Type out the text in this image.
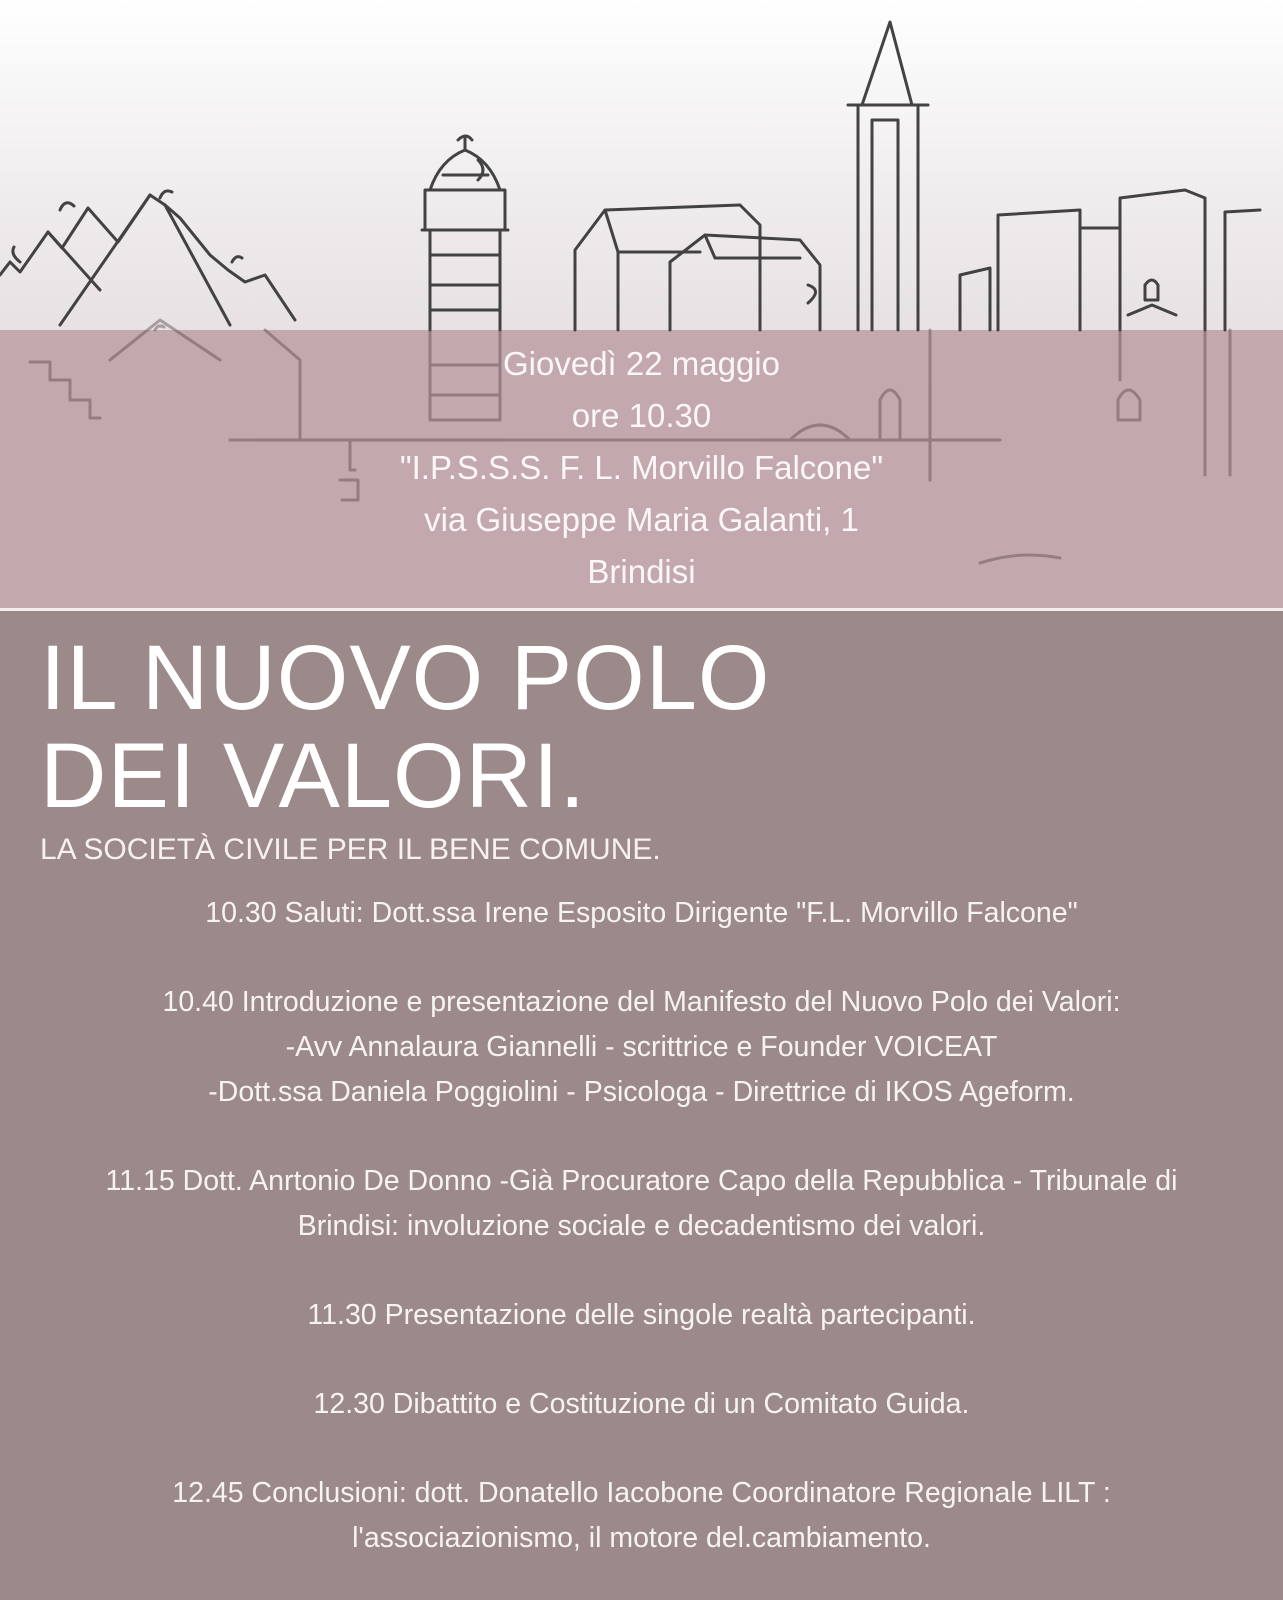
Giovedì 22 maggio
ore 10.30
"I.P.S.S.S. F. L. Morvillo Falcone"
via Giuseppe Maria Galanti, 1
Brindisi
IL NUOVO POLO
DEI VALORI.
LA SOCIETÀ CIVILE PER IL BENE COMUNE.
10.30 Saluti: Dott.ssa Irene Esposito Dirigente "F.L. Morvillo Falcone"
10.40 Introduzione e presentazione del Manifesto del Nuovo Polo dei Valori:
-Avv Annalaura Giannelli - scrittrice e Founder VOICEAT
-Dott.ssa Daniela Poggiolini - Psicologa - Direttrice di IKOS Ageform.
11.15 Dott. Anrtonio De Donno -Già Procuratore Capo della Repubblica - Tribunale di
Brindisi: involuzione sociale e decadentismo dei valori.
11.30 Presentazione delle singole realtà partecipanti.
12.30 Dibattito e Costituzione di un Comitato Guida.
12.45 Conclusioni: dott. Donatello Iacobone Coordinatore Regionale LILT :
l'associazionismo, il motore del.cambiamento.
